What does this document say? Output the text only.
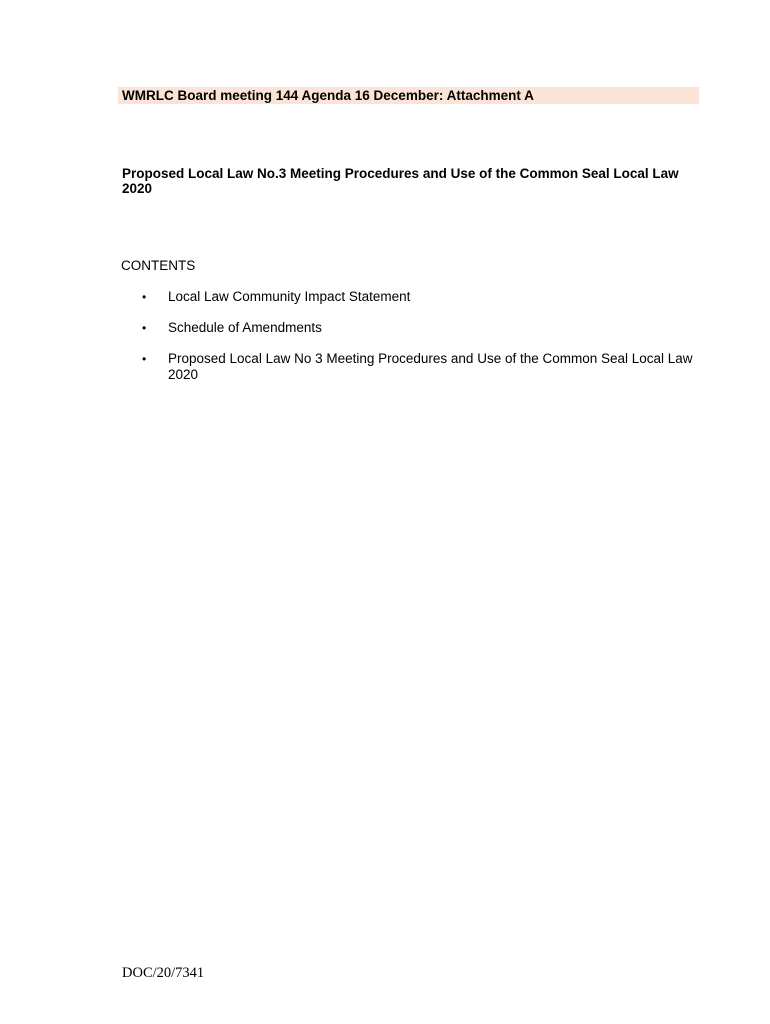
WMRLC Board meeting 144 Agenda 16 December: Attachment A
Proposed Local Law No.3 Meeting Procedures and Use of the Common Seal Local Law 2020
CONTENTS
•	Local Law Community Impact Statement
•	Schedule of Amendments
•	Proposed Local Law No 3 Meeting Procedures and Use of the Common Seal Local Law 2020
DOC/20/7341
